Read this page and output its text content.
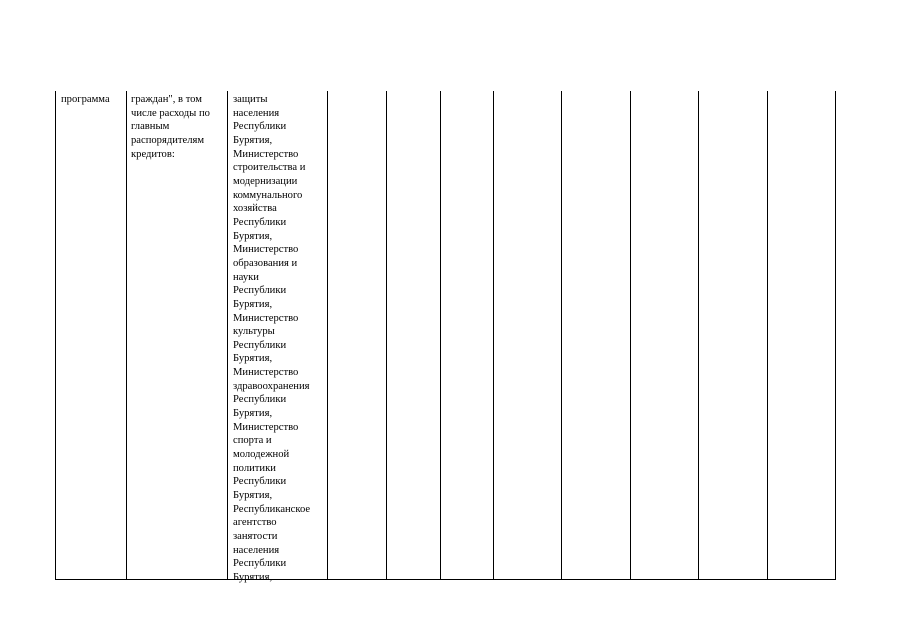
программа	граждан", в том
числе расходы по
главным
распорядителям
кредитов:
защиты
населения
Республики
Бурятия,
Министерство
строительства и
модернизации
коммунального
хозяйства
Республики
Бурятия,
Министерство
образования и
науки
Республики
Бурятия,
Министерство
культуры
Республики
Бурятия,
Министерство
здравоохранения
Республики
Бурятия,
Министерство
спорта и
молодежной
политики
Республики
Бурятия,
Республиканское
агентство
занятости
населения
Республики
Бурятия,
